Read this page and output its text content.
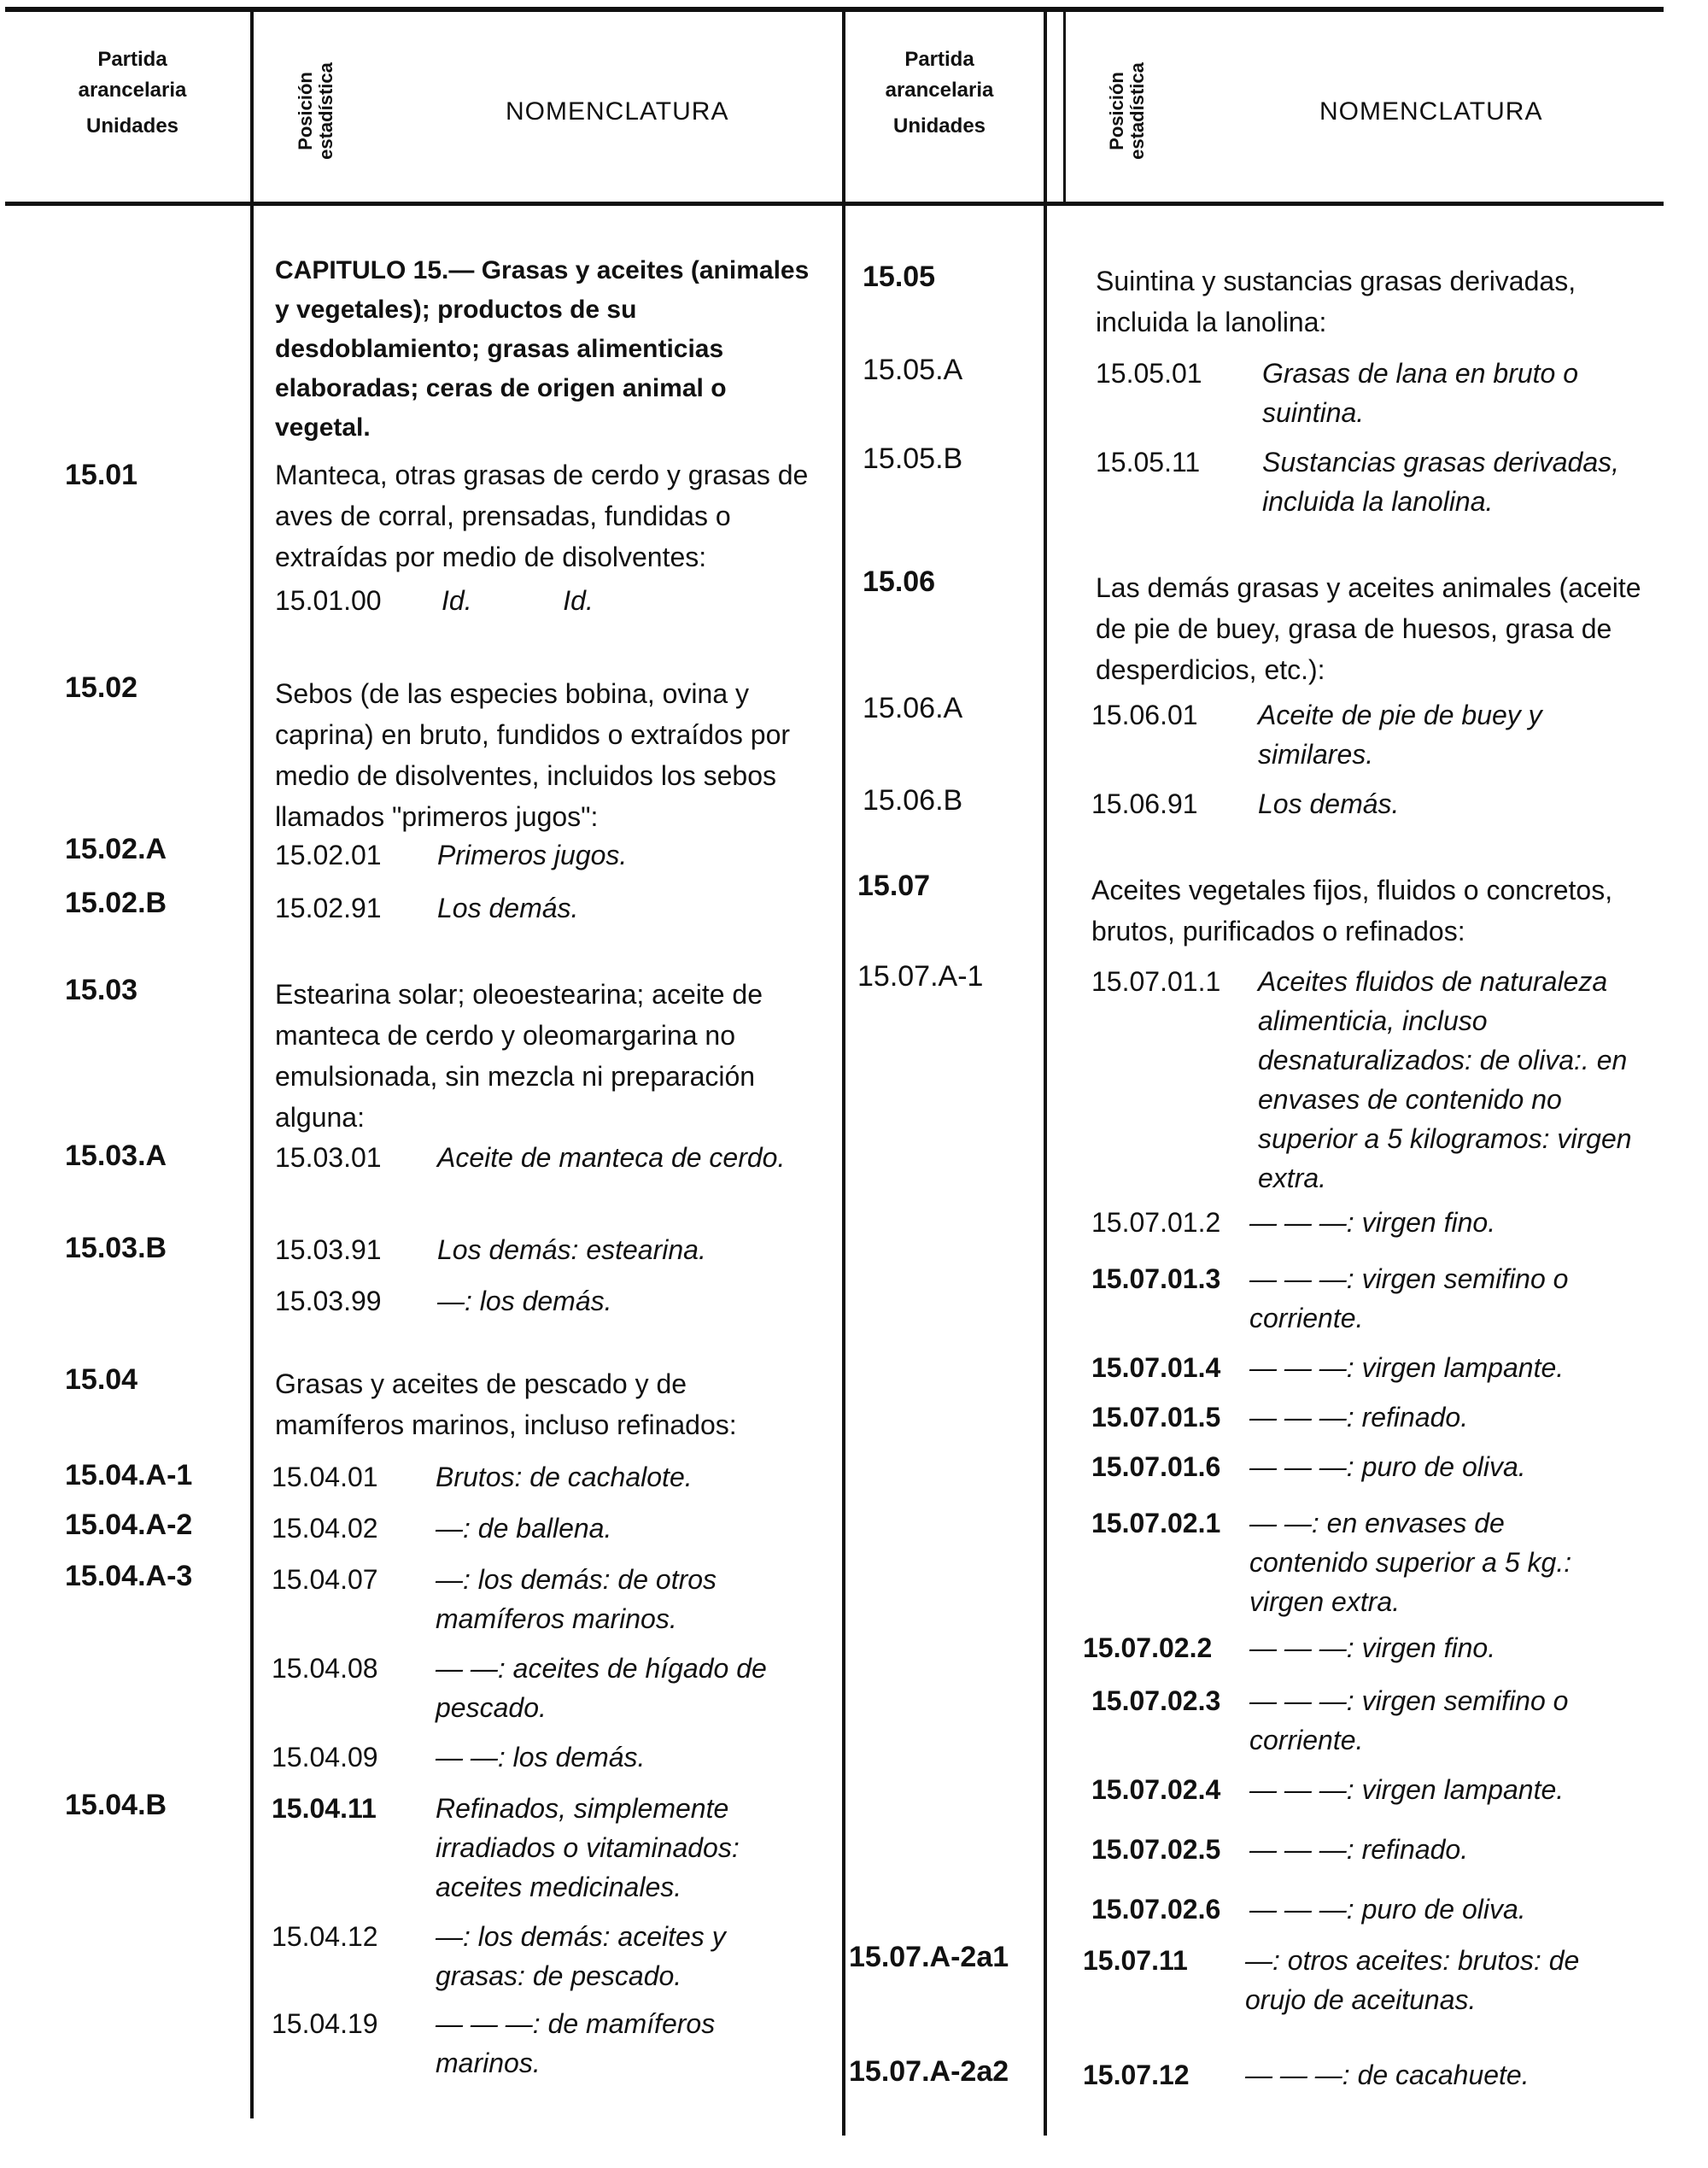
Partida
arancelaria
Unidades	Posición estadística	NOMENCLATURA
Partida
arancelaria
Unidades	Posición estadística	NOMENCLATURA
CAPITULO 15.— Grasas y aceites (animales y vegetales); productos de su desdoblamiento; grasas alimenticias elaboradas; ceras de origen animal o vegetal.
15.01	Manteca, otras grasas de cerdo y grasas de aves de corral, prensadas, fundidas o extraídas por medio de disolventes:
15.01.00 Id.            Id.
15.02	Sebos (de las especies bobina, ovina y caprina) en bruto, fundidos o extraídos por medio de disolventes, incluidos los sebos llamados "primeros jugos":
15.02.A	15.02.01 Primeros jugos.
15.02.B	15.02.91 Los demás.
15.03	Estearina solar; oleoestearina; aceite de manteca de cerdo y oleomargarina no emulsionada, sin mezcla ni preparación alguna:
15.03.A	15.03.01 Aceite de manteca de cerdo.
15.03.B	15.03.91 Los demás: estearina.
15.03.99 —: los demás.
15.04	Grasas y aceites de pescado y de mamíferos marinos, incluso refinados:
15.04.A-1	15.04.01 Brutos: de cachalote.
15.04.A-2	15.04.02 —: de ballena.
15.04.A-3	15.04.07 —: los demás: de otros mamíferos marinos.
15.04.08 — —: aceites de hígado de pescado.
15.04.09 — —: los demás.
15.04.B	15.04.11 Refinados, simplemente irradiados o vitaminados: aceites medicinales.
15.04.12 —: los demás: aceites y grasas: de pescado.
15.04.19 — — —: de mamíferos marinos.
15.05	Suintina y sustancias grasas derivadas, incluida la lanolina:
15.05.A	15.05.01 Grasas de lana en bruto o suintina.
15.05.B	15.05.11 Sustancias grasas derivadas, incluida la lanolina.
15.06	Las demás grasas y aceites animales (aceite de pie de buey, grasa de huesos, grasa de desperdicios, etc.):
15.06.A	15.06.01 Aceite de pie de buey y similares.
15.06.B	15.06.91 Los demás.
15.07	Aceites vegetales fijos, fluidos o concretos, brutos, purificados o refinados:
15.07.A-1	15.07.01.1 Aceites fluidos de naturaleza alimenticia, incluso desnaturalizados: de oliva:. en envases de contenido no superior a 5 kilogramos: virgen extra.
15.07.01.2 — — —: virgen fino.
15.07.01.3 — — —: virgen semifino o corriente.
15.07.01.4 — — —: virgen lampante.
15.07.01.5 — — —: refinado.
15.07.01.6 — — —: puro de oliva.
15.07.02.1 — —: en envases de contenido superior a 5 kg.: virgen extra.
15.07.02.2 — — —: virgen fino.
15.07.02.3 — — —: virgen semifino o corriente.
15.07.02.4 — — —: virgen lampante.
15.07.02.5 — — —: refinado.
15.07.02.6 — — —: puro de oliva.
15.07.A-2a1	15.07.11 —: otros aceites: brutos: de orujo de aceitunas.
15.07.A-2a2	15.07.12 — — —: de cacahuete.
